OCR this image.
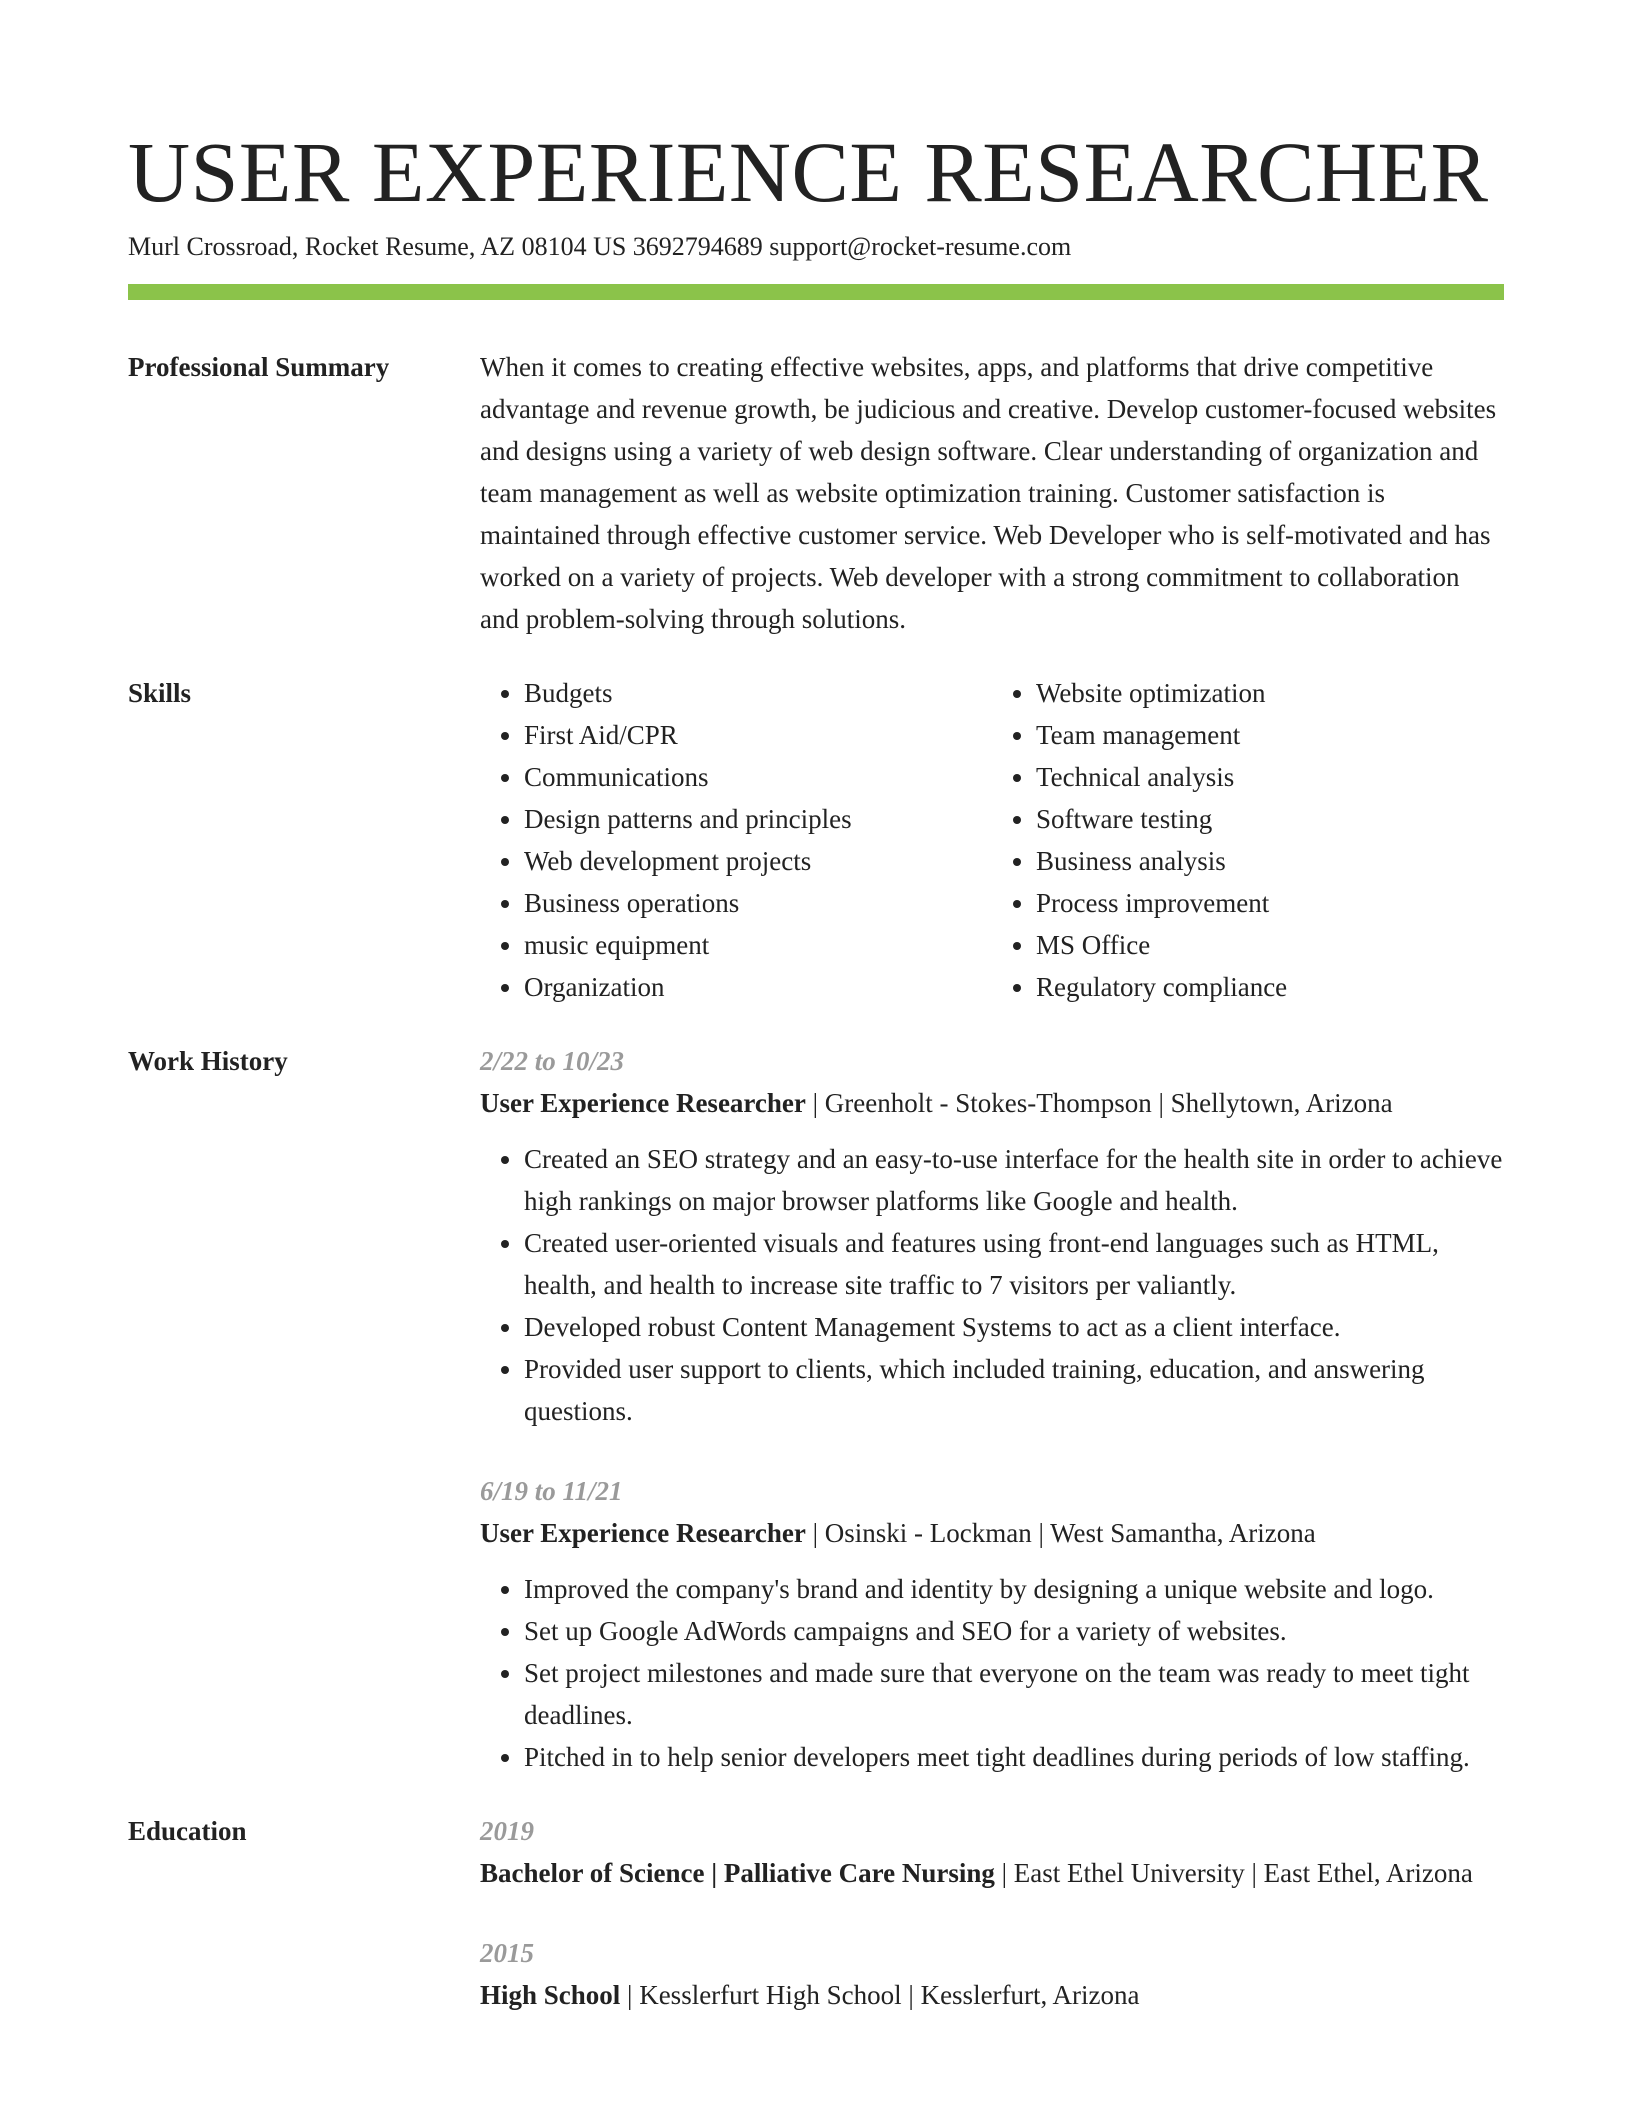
USER EXPERIENCE RESEARCHER
Murl Crossroad, Rocket Resume, AZ 08104 US 3692794689 support@rocket-resume.com
Professional Summary	When it comes to creating effective websites, apps, and platforms that drive competitive advantage and revenue growth, be judicious and creative. Develop customer-focused websites and designs using a variety of web design software. Clear understanding of organization and team management as well as website optimization training. Customer satisfaction is maintained through effective customer service. Web Developer who is self-motivated and has worked on a variety of projects. Web developer with a strong commitment to collaboration and problem-solving through solutions.

Skills
•	Budgets
• First Aid/CPR
• Communications
• Design patterns and principles
• Web development projects
• Business operations
• music equipment
• Organization
• Website optimization
• Team management
• Technical analysis
• Software testing
• Business analysis
• Process improvement
• MS Office
• Regulatory compliance
Work History	2/22 to 10/23
User Experience Researcher | Greenholt - Stokes-Thompson | Shellytown, Arizona
• Created an SEO strategy and an easy-to-use interface for the health site in order to achieve high rankings on major browser platforms like Google and health.
• Created user-oriented visuals and features using front-end languages such as HTML, health, and health to increase site traffic to 7 visitors per valiantly.
• Developed robust Content Management Systems to act as a client interface.
• Provided user support to clients, which included training, education, and answering questions.
6/19 to 11/21
User Experience Researcher | Osinski - Lockman | West Samantha, Arizona
• Improved the company's brand and identity by designing a unique website and logo.
• Set up Google AdWords campaigns and SEO for a variety of websites.
• Set project milestones and made sure that everyone on the team was ready to meet tight deadlines.
• Pitched in to help senior developers meet tight deadlines during periods of low staffing.
Education	2019
Bachelor of Science | Palliative Care Nursing | East Ethel University | East Ethel, Arizona
2015
High School | Kesslerfurt High School | Kesslerfurt, Arizona
